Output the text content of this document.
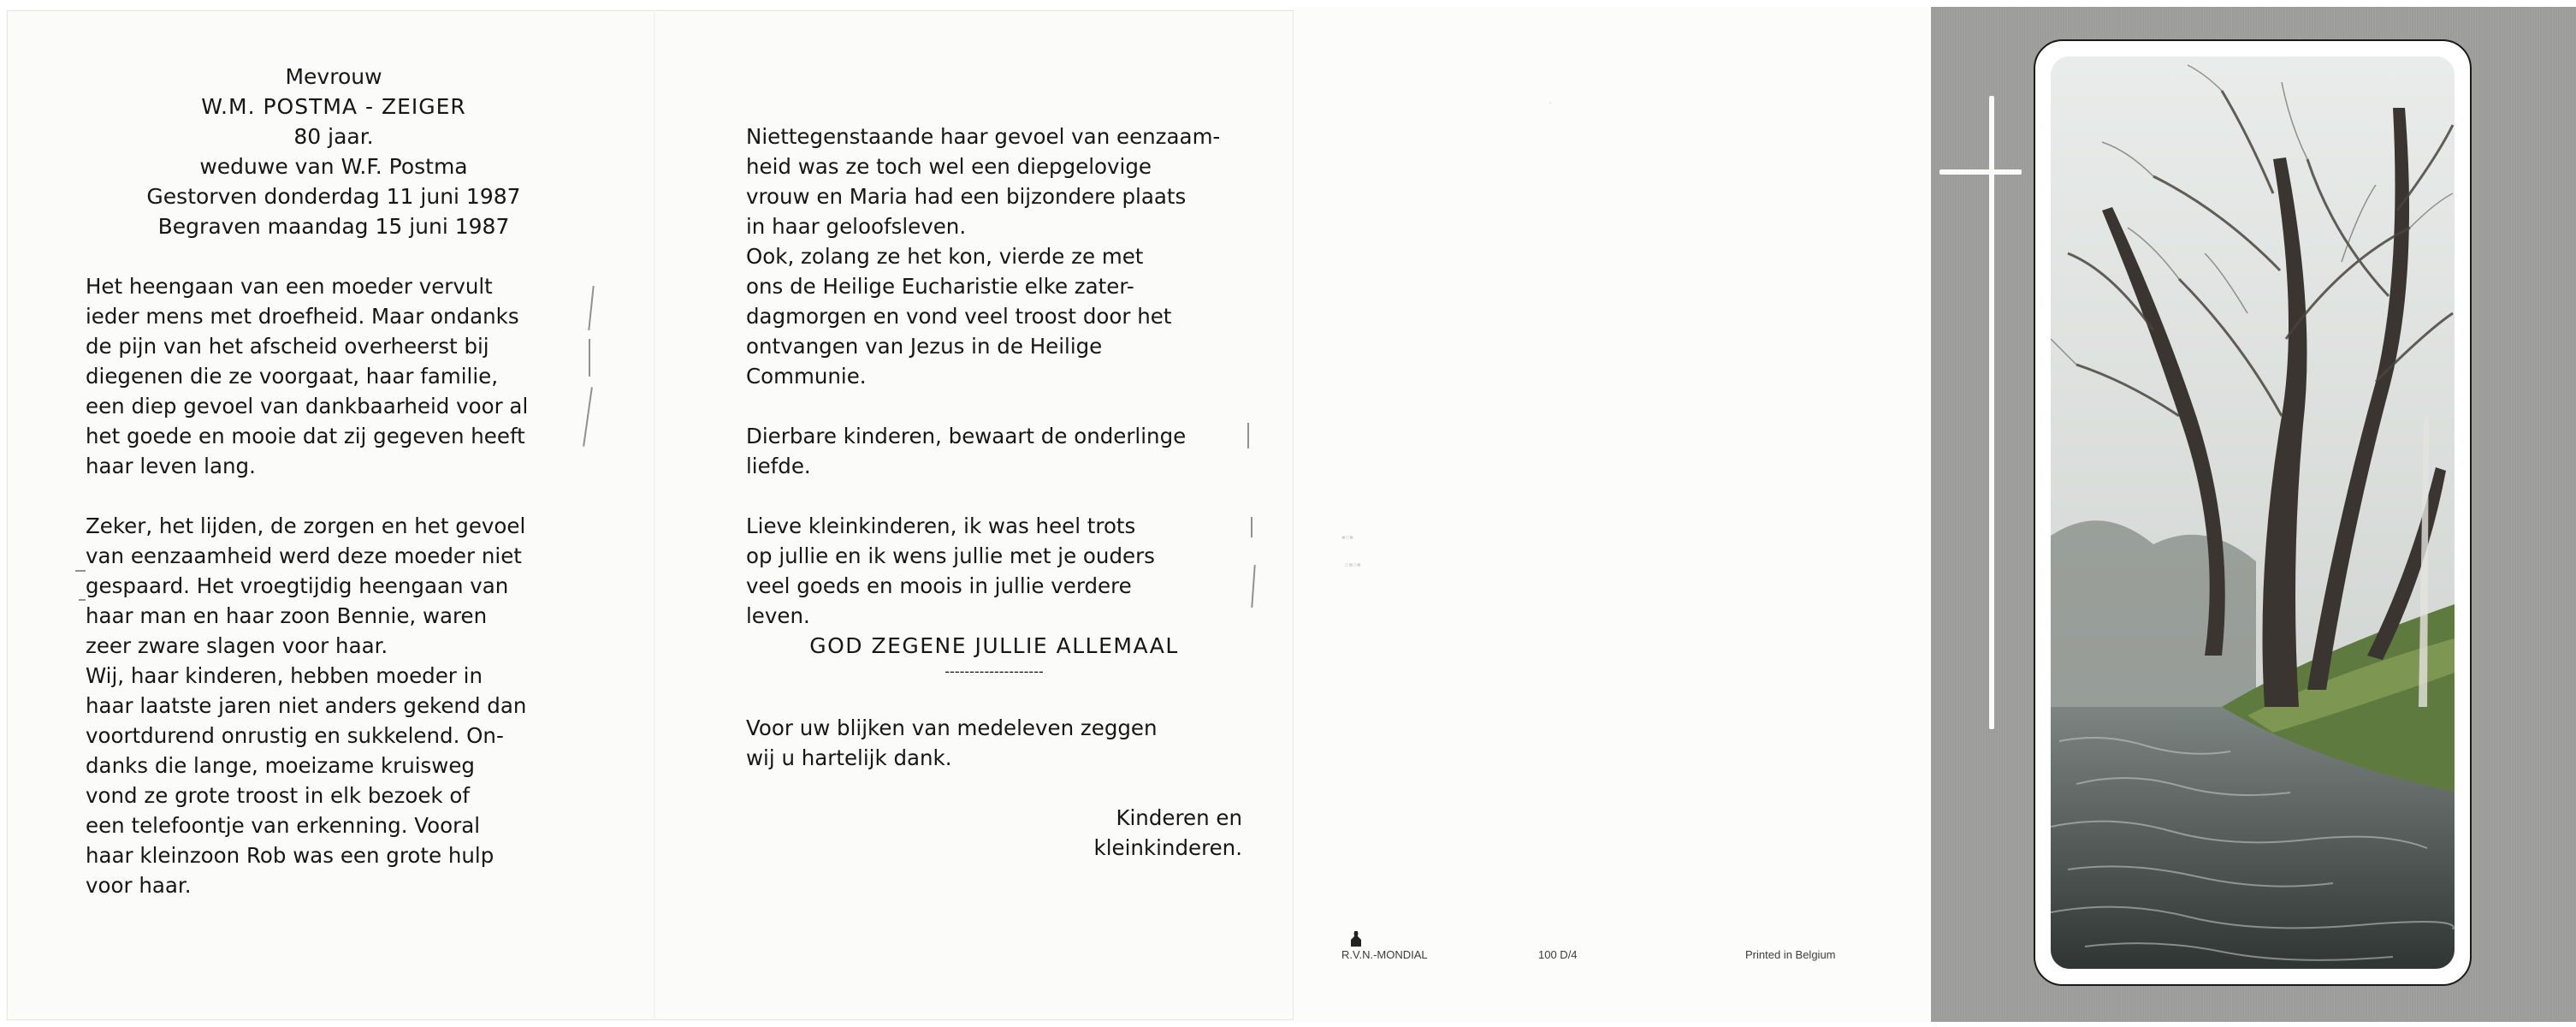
Mevrouw

W.M. POSTMA - ZEIGER

80 jaar.

weduwe van W.F. Postma

Gestorven donderdag 11 juni 1987

Begraven maandag 15 juni 1987

Het heengaan van een moeder vervult

ieder mens met droefheid. Maar ondanks

de pijn van het afscheid overheerst bij

diegenen die ze voorgaat, haar familie,

een diep gevoel van dankbaarheid voor al

het goede en mooie dat zij gegeven heeft

haar leven lang.

Zeker, het lijden, de zorgen en het gevoel

van eenzaamheid werd deze moeder niet

gespaard. Het vroegtijdig heengaan van

haar man en haar zoon Bennie, waren

zeer zware slagen voor haar.

Wij, haar kinderen, hebben moeder in

haar laatste jaren niet anders gekend dan

voortdurend onrustig en sukkelend. On-

danks die lange, moeizame kruisweg

vond ze grote troost in elk bezoek of

een telefoontje van erkenning. Vooral

haar kleinzoon Rob was een grote hulp

voor haar.

Niettegenstaande haar gevoel van eenzaam-

heid was ze toch wel een diepgelovige

vrouw en Maria had een bijzondere plaats

in haar geloofsleven.

Ook, zolang ze het kon, vierde ze met

ons de Heilige Eucharistie elke zater-

dagmorgen en vond veel troost door het

ontvangen van Jezus in de Heilige

Communie.

Dierbare kinderen, bewaart de onderlinge

liefde.

Lieve kleinkinderen, ik was heel trots

op jullie en ik wens jullie met je ouders

veel goeds en moois in jullie verdere

leven.

GOD ZEGENE JULLIE ALLEMAAL

--------------------

Voor uw blijken van medeleven zeggen

wij u hartelijk dank.

Kinderen en

kleinkinderen.

·
▪▫▪
▫▪▫▪
R.V.N.-MONDIAL	100 D/4	Printed in Belgium
